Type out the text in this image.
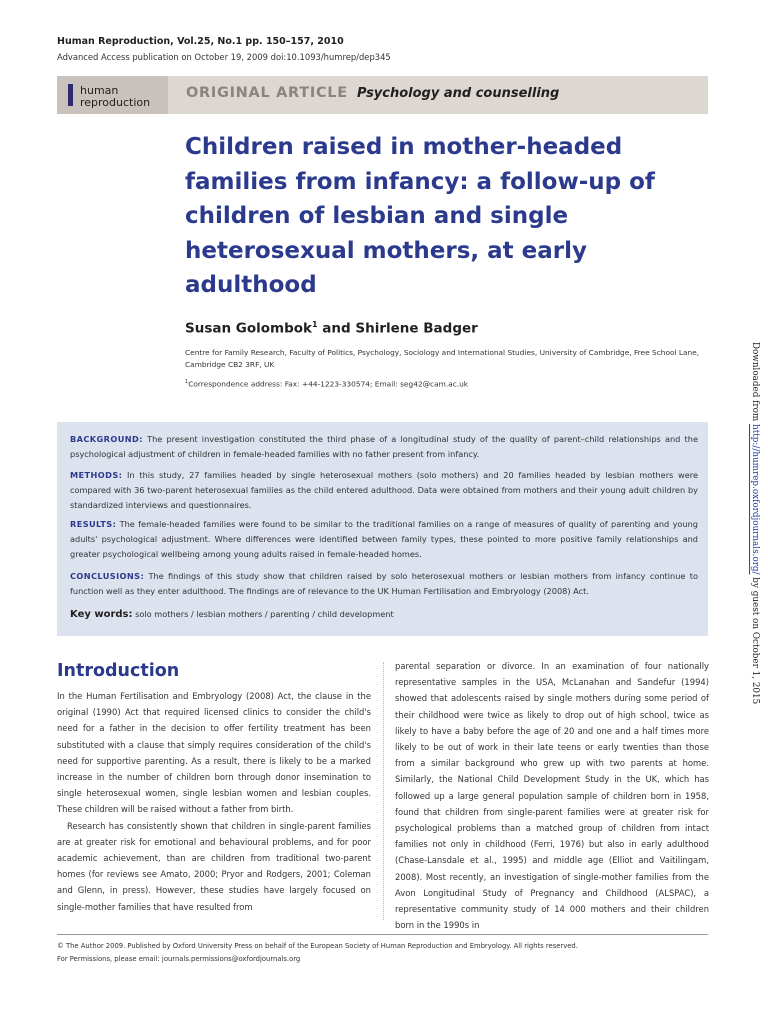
Human Reproduction, Vol.25, No.1 pp. 150–157, 2010
Advanced Access publication on October 19, 2009 doi:10.1093/humrep/dep345
human
reproduction
ORIGINAL ARTICLE Psychology and counselling
Children raised in mother-headed families from infancy: a follow-up of children of lesbian and single heterosexual mothers, at early adulthood
Susan Golombok$^1$ and Shirlene Badger
Centre for Family Research, Faculty of Politics, Psychology, Sociology and International Studies, University of Cambridge, Free School Lane, Cambridge CB2 3RF, UK
$^1$Correspondence address: Fax: +44-1223-330574; Email: seg42@cam.ac.uk
BACKGROUND: The present investigation constituted the third phase of a longitudinal study of the quality of parent–child relationships and the psychological adjustment of children in female-headed families with no father present from infancy.
METHODS: In this study, 27 families headed by single heterosexual mothers (solo mothers) and 20 families headed by lesbian mothers were compared with 36 two-parent heterosexual families as the child entered adulthood. Data were obtained from mothers and their young adult children by standardized interviews and questionnaires.
RESULTS: The female-headed families were found to be similar to the traditional families on a range of measures of quality of parenting and young adults' psychological adjustment. Where differences were identified between family types, these pointed to more positive family relationships and greater psychological wellbeing among young adults raised in female-headed homes.
CONCLUSIONS: The findings of this study show that children raised by solo heterosexual mothers or lesbian mothers from infancy continue to function well as they enter adulthood. The findings are of relevance to the UK Human Fertilisation and Embryology (2008) Act.
Key words: solo mothers / lesbian mothers / parenting / child development
Introduction
In the Human Fertilisation and Embryology (2008) Act, the clause in the original (1990) Act that required licensed clinics to consider the child's need for a father in the decision to offer fertility treatment has been substituted with a clause that simply requires consideration of the child's need for supportive parenting. As a result, there is likely to be a marked increase in the number of children born through donor insemination to single heterosexual women, single lesbian women and lesbian couples. These children will be raised without a father from birth.
Research has consistently shown that children in single-parent families are at greater risk for emotional and behavioural problems, and for poor academic achievement, than are children from traditional two-parent homes (for reviews see Amato, 2000; Pryor and Rodgers, 2001; Coleman and Glenn, in press). However, these studies have largely focused on single-mother families that have resulted from
parental separation or divorce. In an examination of four nationally representative samples in the USA, McLanahan and Sandefur (1994) showed that adolescents raised by single mothers during some period of their childhood were twice as likely to drop out of high school, twice as likely to have a baby before the age of 20 and one and a half times more likely to be out of work in their late teens or early twenties than those from a similar background who grew up with two parents at home. Similarly, the National Child Development Study in the UK, which has followed up a large general population sample of children born in 1958, found that children from single-parent families were at greater risk for psychological problems than a matched group of children from intact families not only in childhood (Ferri, 1976) but also in early adulthood (Chase-Lansdale et al., 1995) and middle age (Elliot and Vaitilingam, 2008). Most recently, an investigation of single-mother families from the Avon Longitudinal Study of Pregnancy and Childhood (ALSPAC), a representative community study of 14 000 mothers and their children born in the 1990s in
© The Author 2009. Published by Oxford University Press on behalf of the European Society of Human Reproduction and Embryology. All rights reserved.
For Permissions, please email: journals.permissions@oxfordjournals.org
Downloaded from http://humrep.oxfordjournals.org/ by guest on October 1, 2015
